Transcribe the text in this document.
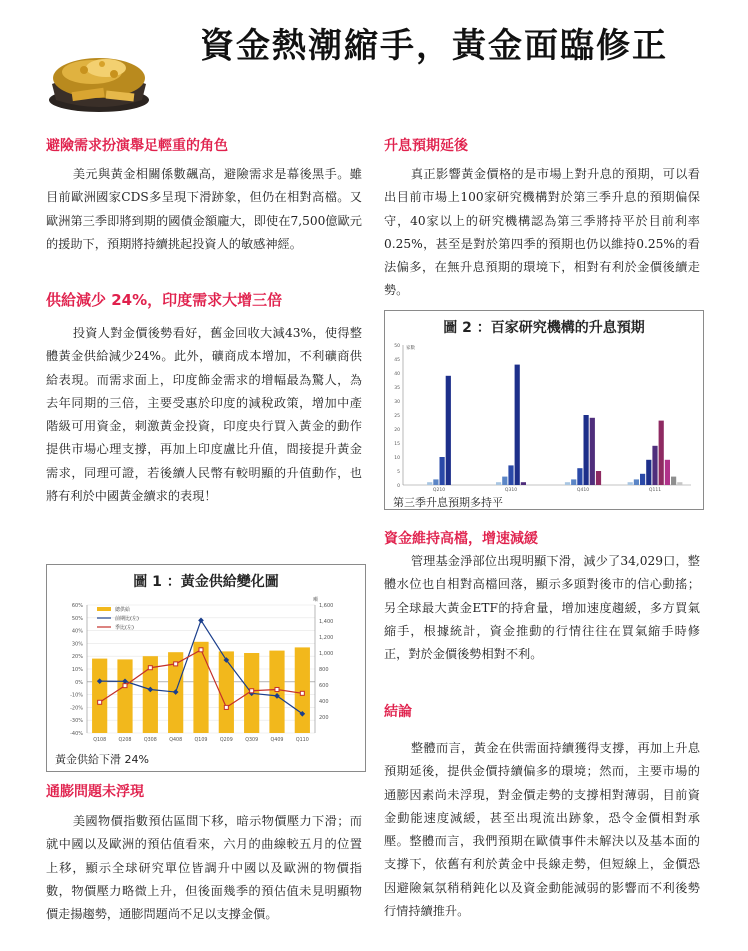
資金熱潮縮手，黃金面臨修正
避險需求扮演舉足輕重的角色
美元與黃金相關係數飆高，避險需求是幕後黑手。雖目前歐洲國家CDS多呈現下滑跡象，但仍在相對高檔。又歐洲第三季即將到期的國債金額龐大，即使在7,500億歐元的援助下，預期將持續挑起投資人的敏感神經。
供給減少 24%，印度需求大增三倍
投資人對金價後勢看好，舊金回收大減43%，使得整體黃金供給減少24%。此外，礦商成本增加，不利礦商供給表現。而需求面上，印度飾金需求的增幅最為驚人，為去年同期的三倍，主要受惠於印度的減稅政策，增加中產階級可用資金，刺激黃金投資，印度央行買入黃金的動作提供市場心理支撐，再加上印度盧比升值，間接提升黃金需求，同理可證，若後續人民幣有較明顯的升值動作，也將有利於中國黃金續求的表現！
圖 1 ：黃金供給變化圖
60%
50%
40%
30%
20%
10%
0%
-10%
-20%
-30%
-40%
1,600
1,400
1,200
1,000
800
600
400
200
噸
Q108	Q208	Q308	Q408	Q109	Q209	Q309	Q409	Q110
總供給
前期比(左)
季比(左)
黃金供給下滑 24%
通膨問題未浮現
美國物價指數預估區間下移，暗示物價壓力下滑；而就中國以及歐洲的預估值看來，六月的曲線較五月的位置上移，顯示全球研究單位皆調升中國以及歐洲的物價指數，物價壓力略微上升，但後面幾季的預估值未見明顯物價走揚趨勢，通膨問題尚不足以支撐金價。
升息預期延後
真正影響黃金價格的是市場上對升息的預期，可以看出目前市場上100家研究機構對於第三季升息的預期偏保守，40家以上的研究機構認為第三季將持平於目前利率0.25%，甚至是對於第四季的預期也仍以維持0.25%的看法偏多，在無升息預期的環境下，相對有利於金價後續走勢。
圖 2 ：百家研究機構的升息預期
0
5
10
15
20
25
30
35
40
45
50 家數
Q210	Q310	Q410	Q111
第三季升息預期多持平
資金維持高檔，增速減緩
管理基金淨部位出現明顯下滑，減少了34,029口，整體水位也自相對高檔回落，顯示多頭對後市的信心動搖；另全球最大黃金ETF的持倉量，增加速度趨緩，多方買氣縮手，根據統計，資金推動的行情往往在買氣縮手時修正，對於金價後勢相對不利。
結論
整體而言，黃金在供需面持續獲得支撐，再加上升息預期延後，提供金價持續偏多的環境；然而，主要市場的通膨因素尚未浮現，對金價走勢的支撐相對薄弱，目前資金動能速度減緩，甚至出現流出跡象，恐令金價相對承壓。整體而言，我們預期在歐債事件未解決以及基本面的支撐下，依舊有利於黃金中長線走勢，但短線上，金價恐因避險氣氛稍稍鈍化以及資金動能減弱的影響而不利後勢行情持續推升。
